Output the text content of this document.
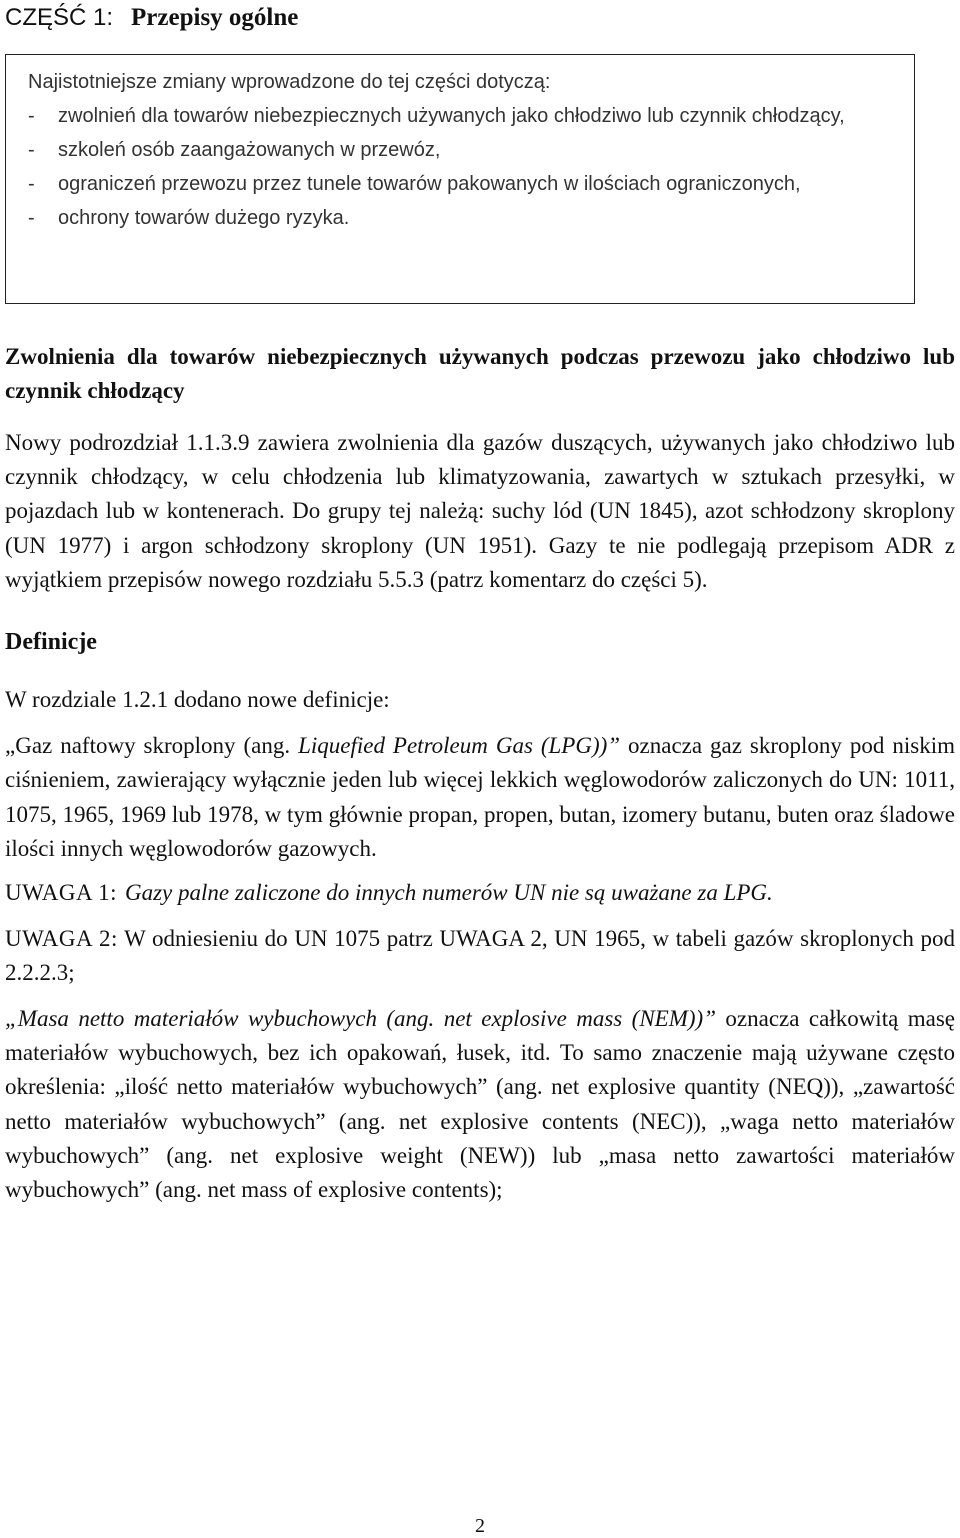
CZĘŚĆ 1: Przepisy ogólne
Najistotniejsze zmiany wprowadzone do tej części dotyczą:
-	zwolnień dla towarów niebezpiecznych używanych jako chłodziwo lub czynnik chłodzący,
-	szkoleń osób zaangażowanych w przewóz,
-	ograniczeń przewozu przez tunele towarów pakowanych w ilościach ograniczonych,
-	ochrony towarów dużego ryzyka.
Zwolnienia dla towarów niebezpiecznych używanych podczas przewozu jako chłodziwo lub czynnik chłodzący

Nowy podrozdział 1.1.3.9 zawiera zwolnienia dla gazów duszących, używanych jako chłodziwo lub czynnik chłodzący, w celu chłodzenia lub klimatyzowania, zawartych w sztukach przesyłki, w pojazdach lub w kontenerach. Do grupy tej należą: suchy lód (UN 1845), azot schłodzony skroplony (UN 1977) i argon schłodzony skroplony (UN 1951). Gazy te nie podlegają przepisom ADR z wyjątkiem przepisów nowego rozdziału 5.5.3 (patrz komentarz do części 5).

Definicje

W rozdziale 1.2.1 dodano nowe definicje:

„Gaz naftowy skroplony (ang. Liquefied Petroleum Gas (LPG))” oznacza gaz skroplony pod niskim ciśnieniem, zawierający wyłącznie jeden lub więcej lekkich węglowodorów zaliczonych do UN: 1011, 1075, 1965, 1969 lub 1978, w tym głównie propan, propen, butan, izomery butanu, buten oraz śladowe ilości innych węglowodorów gazowych.

UWAGA 1: Gazy palne zaliczone do innych numerów UN nie są uważane za LPG.
UWAGA 2: W odniesieniu do UN 1075 patrz UWAGA 2, UN 1965, w tabeli gazów skroplonych pod 2.2.2.3;

„Masa netto materiałów wybuchowych (ang. net explosive mass (NEM))” oznacza całkowitą masę materiałów wybuchowych, bez ich opakowań, łusek, itd. To samo znaczenie mają używane często określenia: „ilość netto materiałów wybuchowych” (ang. net explosive quantity (NEQ)), „zawartość netto materiałów wybuchowych” (ang. net explosive contents (NEC)), „waga netto materiałów wybuchowych” (ang. net explosive weight (NEW)) lub „masa netto zawartości materiałów wybuchowych” (ang. net mass of explosive contents);

2
